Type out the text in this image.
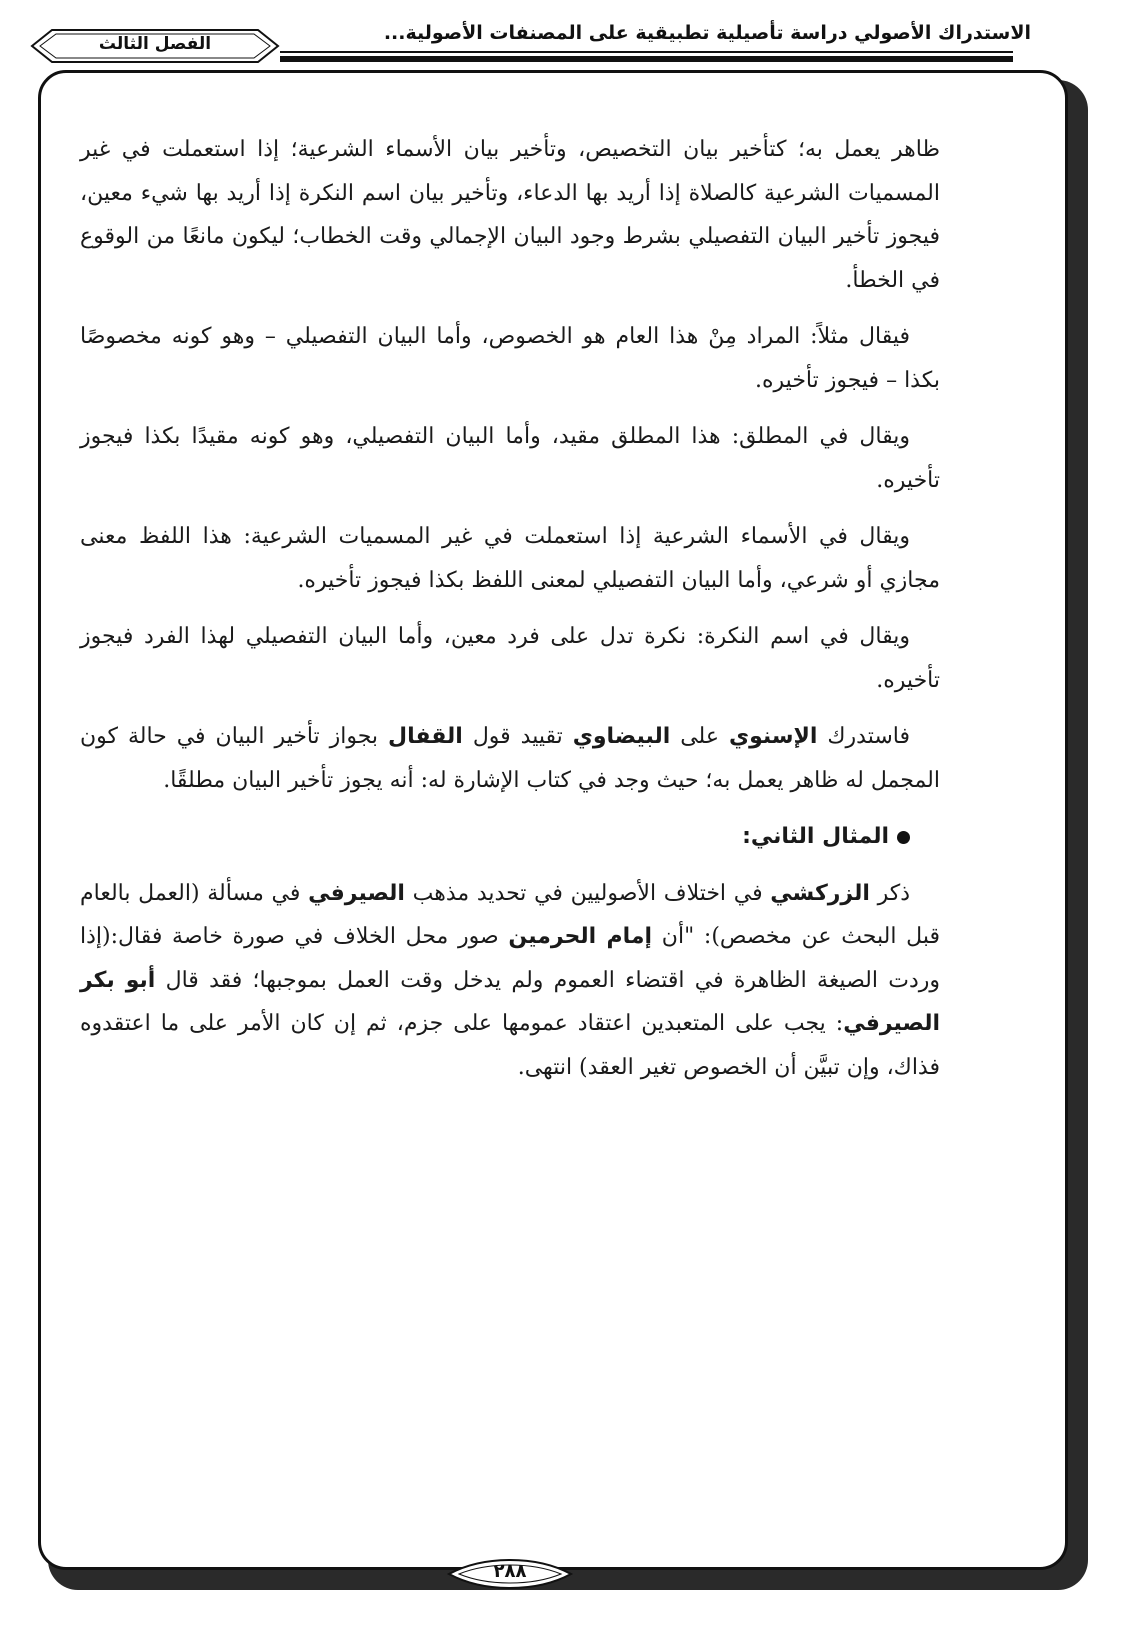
الاستدراك الأصولي دراسة تأصيلية تطبيقية على المصنفات الأصولية...
الفصل الثالث

ظاهر يعمل به؛ كتأخير بيان التخصيص، وتأخير بيان الأسماء الشرعية؛ إذا استعملت في غير المسميات الشرعية كالصلاة إذا أريد بها الدعاء، وتأخير بيان اسم النكرة إذا أريد بها شيء معين، فيجوز تأخير البيان التفصيلي بشرط وجود البيان الإجمالي وقت الخطاب؛ ليكون مانعًا من الوقوع في الخطأ.

فيقال مثلاً: المراد مِنْ هذا العام هو الخصوص، وأما البيان التفصيلي – وهو كونه مخصوصًا بكذا – فيجوز تأخيره.

ويقال في المطلق: هذا المطلق مقيد، وأما البيان التفصيلي، وهو كونه مقيدًا بكذا فيجوز تأخيره.

ويقال في الأسماء الشرعية إذا استعملت في غير المسميات الشرعية: هذا اللفظ معنى مجازي أو شرعي، وأما البيان التفصيلي لمعنى اللفظ بكذا فيجوز تأخيره.

ويقال في اسم النكرة: نكرة تدل على فرد معين، وأما البيان التفصيلي لهذا الفرد فيجوز تأخيره.

فاستدرك الإسنوي على البيضاوي تقييد قول القفال بجواز تأخير البيان في حالة كون المجمل له ظاهر يعمل به؛ حيث وجد في كتاب الإشارة له: أنه يجوز تأخير البيان مطلقًا.

المثال الثاني:

ذكر الزركشي في اختلاف الأصوليين في تحديد مذهب الصيرفي في مسألة (العمل بالعام قبل البحث عن مخصص): "أن إمام الحرمين صور محل الخلاف في صورة خاصة فقال:(إذا وردت الصيغة الظاهرة في اقتضاء العموم ولم يدخل وقت العمل بموجبها؛ فقد قال أبو بكر الصيرفي: يجب على المتعبدين اعتقاد عمومها على جزم، ثم إن كان الأمر على ما اعتقدوه فذاك، وإن تبيَّن أن الخصوص تغير العقد) انتهى.

٢٨٨
